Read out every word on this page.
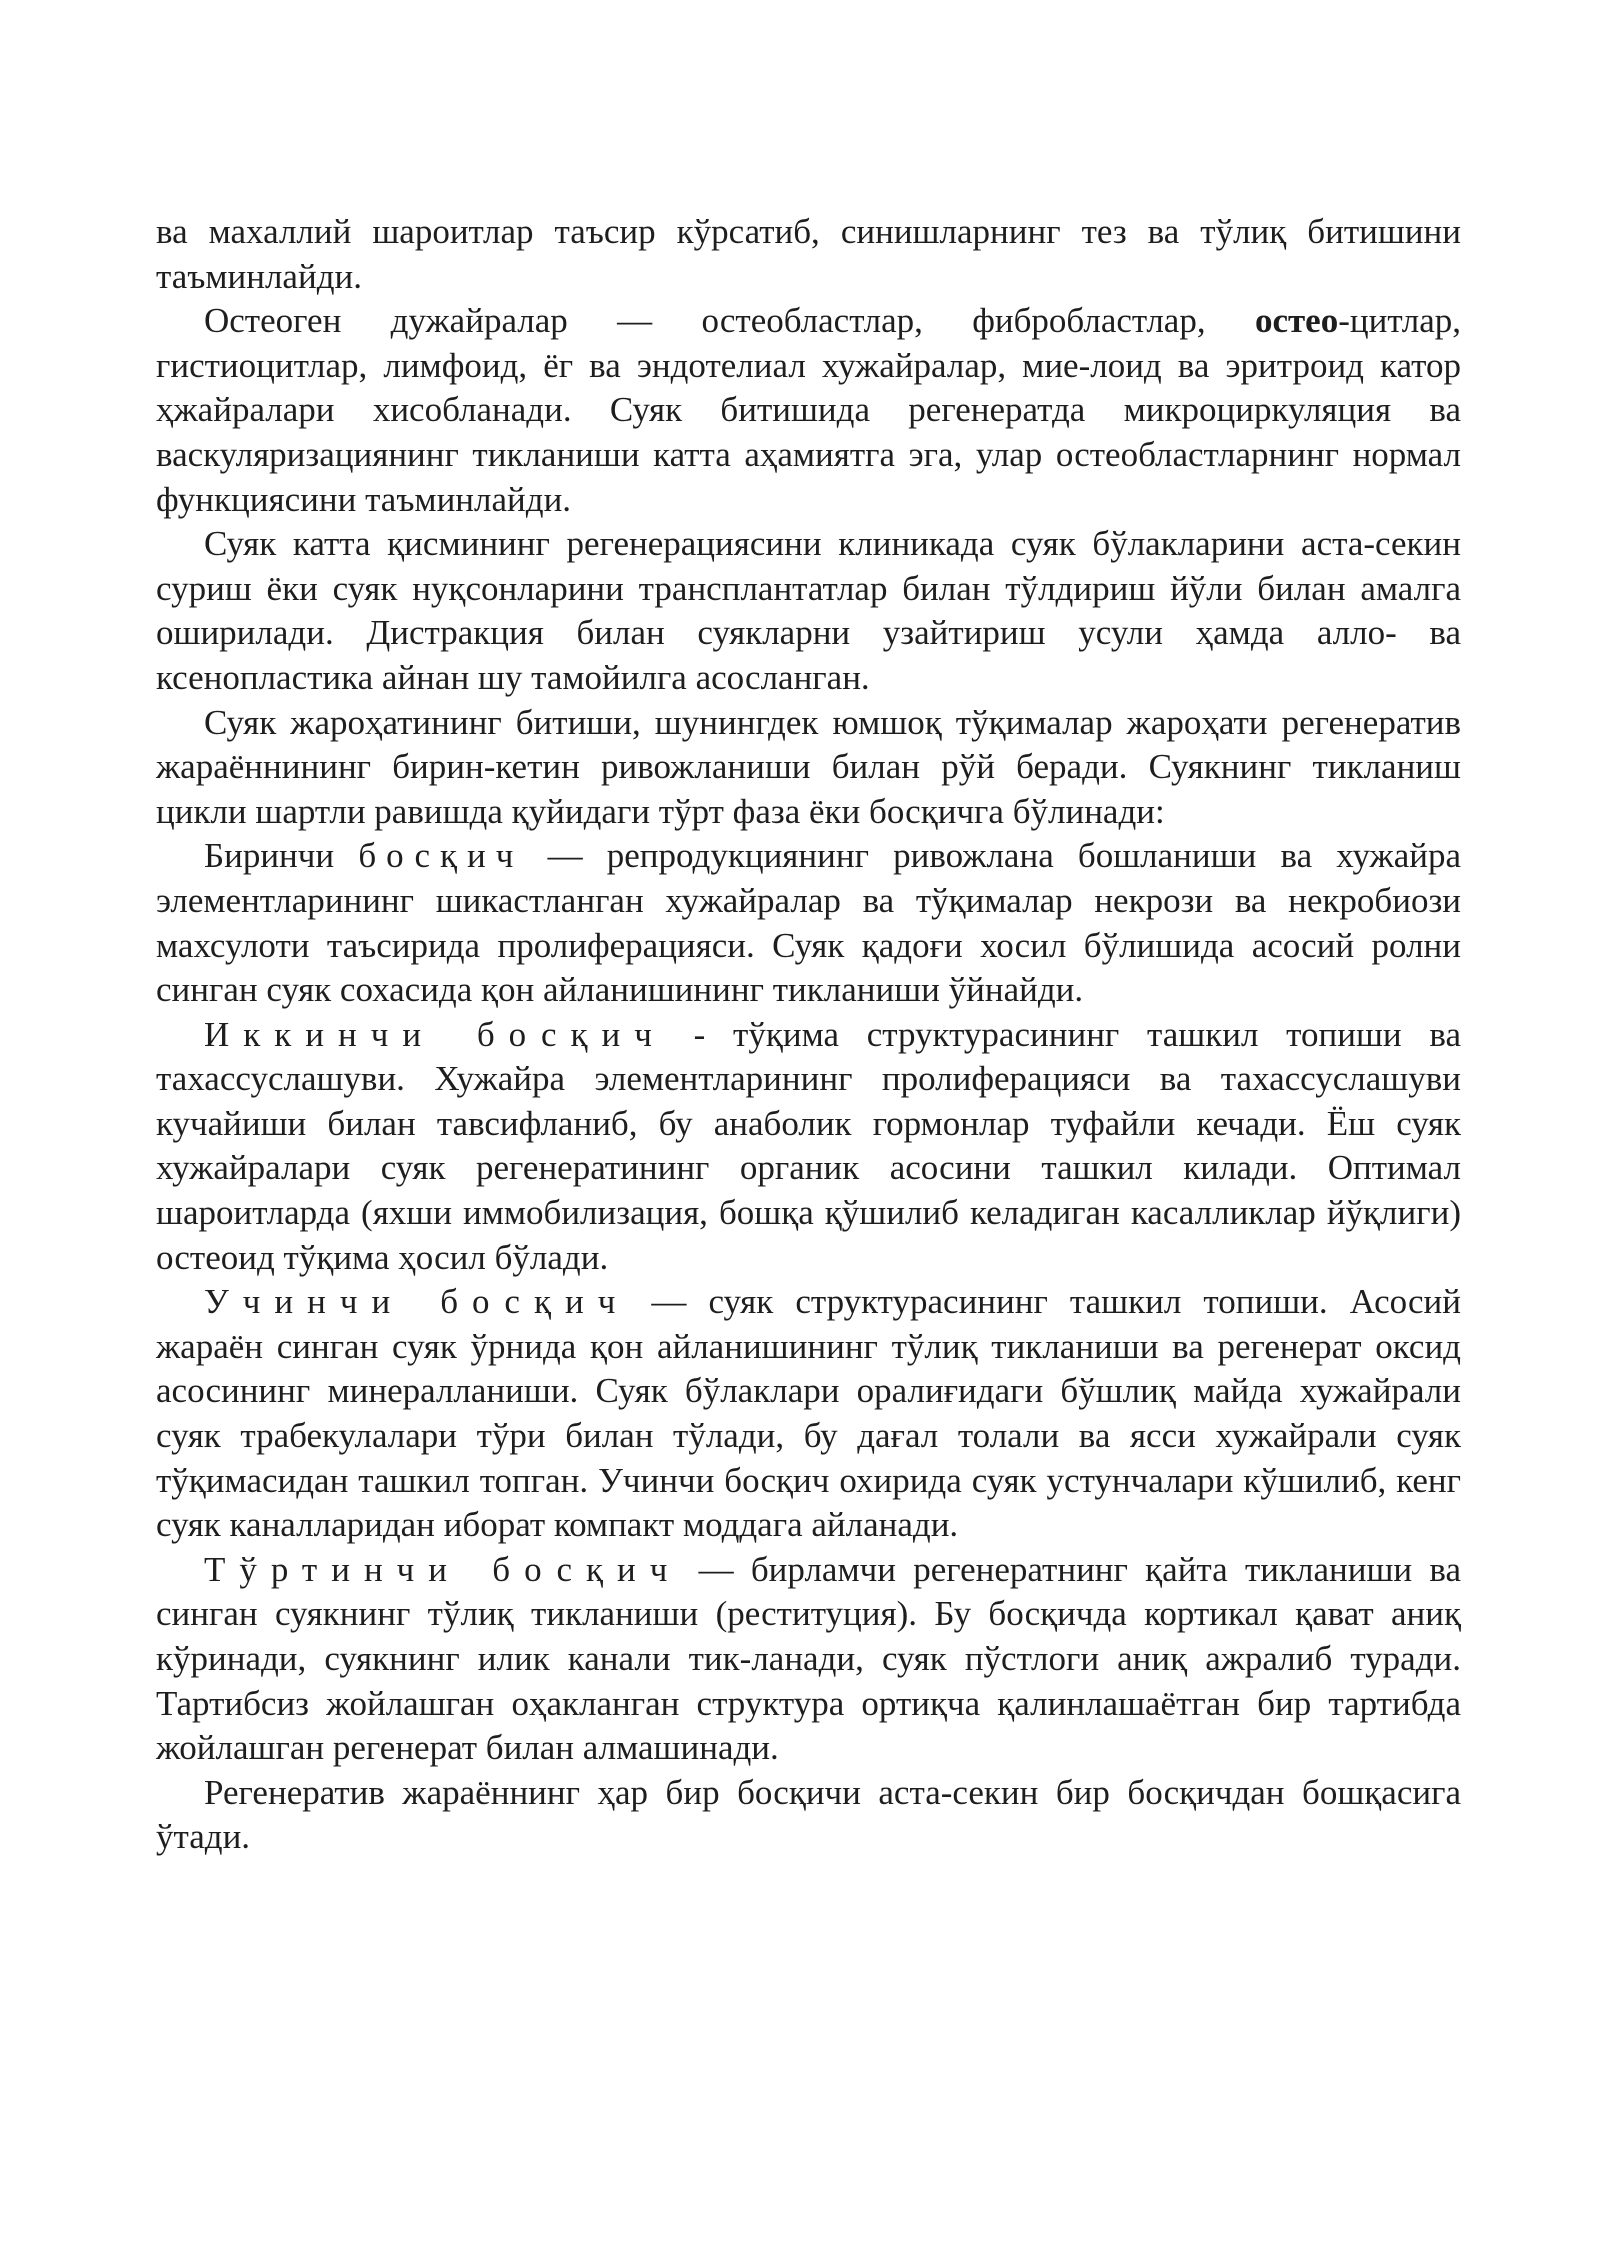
ва махаллий шароитлар таъсир кўрсатиб, синишларнинг тез ва тўлиқ битишини таъминлайди.

Остеоген дужайралар — остеобластлар, фибробластлар, остео-цитлар, гистиоцитлар, лимфоид, ёг ва эндотелиал хужайралар, мие-лоид ва эритроид катор ҳжайралари хисобланади. Суяк битишида регенератда микроциркуляция ва васкуляризациянинг тикланиши катта аҳамиятга эга, улар остеобластларнинг нормал функциясини таъминлайди.

Суяк катта қисмининг регенерациясини клиникада суяк бўлакларини аста-секин суриш ёки суяк нуқсонларини трансплантатлар билан тўлдириш йўли билан амалга оширилади. Дистракция билан суякларни узайтириш усули ҳамда алло- ва ксенопластика айнан шу тамойилга асосланган.

Суяк жароҳатининг битиши, шунингдек юмшоқ тўқималар жароҳати регенератив жараённининг бирин-кетин ривожланиши билан рўй беради. Суякнинг тикланиш цикли шартли равишда қуйидаги тўрт фаза ёки босқичга бўлинади:

Биринчи босқич — репродукциянинг ривожлана бошланиши ва хужайра элементларининг шикастланган хужайралар ва тўқималар некрози ва некробиози махсулоти таъсирида пролиферацияси. Суяк қадоғи хосил бўлишида асосий ролни синган суяк сохасида қон айланишининг тикланиши ўйнайди.

Иккинчи босқич - тўқима структурасининг ташкил топиши ва тахассуслашуви. Хужайра элементларининг пролиферацияси ва тахассуслашуви кучайиши билан тавсифланиб, бу анаболик гормонлар туфайли кечади. Ёш суяк хужайралари суяк регенератининг органик асосини ташкил килади. Оптимал шароитларда (яхши иммобилизация, бошқа қўшилиб келадиган касалликлар йўқлиги) остеоид тўқима ҳосил бўлади.

Учинчи босқич — суяк структурасининг ташкил топиши. Асосий жараён синган суяк ўрнида қон айланишининг тўлиқ тикланиши ва регенерат оксид асосининг минералланиши. Суяк бўлаклари оралиғидаги бўшлиқ майда хужайрали суяк трабекулалари тўри билан тўлади, бу дағал толали ва ясси хужайрали суяк тўқимасидан ташкил топган. Учинчи босқич охирида суяк устунчалари кўшилиб, кенг суяк каналларидан иборат компакт моддага айланади.

Тўртинчи босқич — бирламчи регенератнинг қайта тикланиши ва синган суякнинг тўлиқ тикланиши (реституция). Бу босқичда кортикал қават аниқ кўринади, суякнинг илик канали тик-ланади, суяк пўстлоги аниқ ажралиб туради. Тартибсиз жойлашган оҳакланган структура ортиқча қалинлашаётган бир тартибда жойлашган регенерат билан алмашинади.

Регенератив жараённинг ҳар бир босқичи аста-секин бир босқичдан бошқасига ўтади.
